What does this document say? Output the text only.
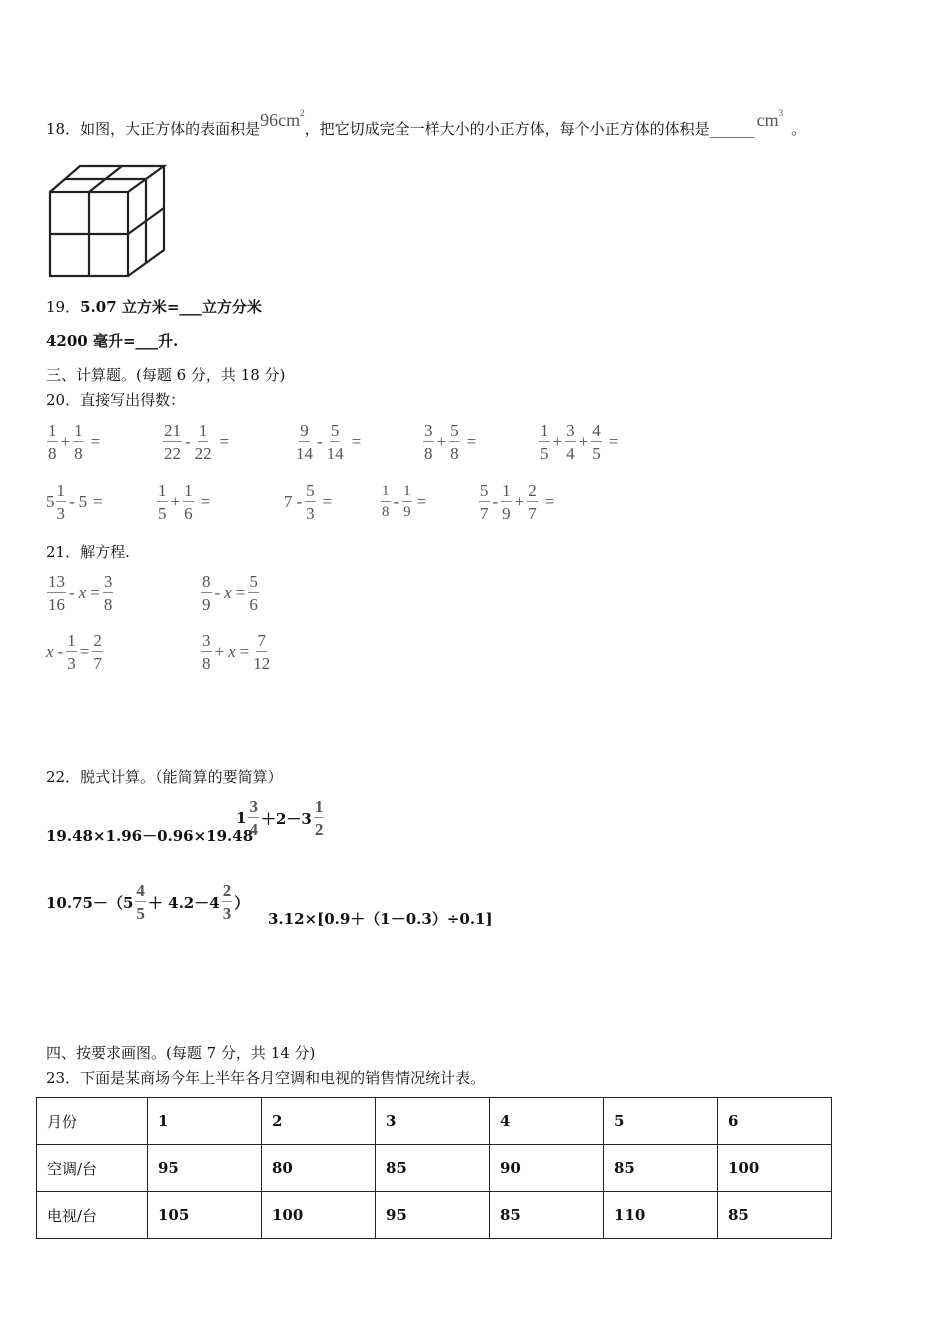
18．如图，大正方体的表面积是$96cm^2$，把它切成完全一样大小的小正方体，每个小正方体的体积是______ $cm^3$。
19．5.07 立方米=___立方分米
4200 毫升=___升.
三、计算题。(每题 6 分，共 18 分)
20．直接写出得数：
$\frac{1}{8} + \frac{1}{8}$ =	$\frac{21}{22} - \frac{1}{22}$ =	$\frac{9}{14} - \frac{5}{14}$ =	$\frac{3}{8} + \frac{5}{8}$ =	$\frac{1}{5} + \frac{3}{4} + \frac{4}{5}$ =
$5 \frac{1}{3} - 5$ =	$\frac{1}{5} + \frac{1}{6}$ =	$7 - \frac{5}{3}$ =	$\frac{1}{8} - \frac{1}{9}$ =	$\frac{5}{7} - \frac{1}{9} + \frac{2}{7}$ =
21．解方程.
$\frac{13}{16} - x = \frac{3}{8}$	$\frac{8}{9} - x = \frac{5}{6}$
$x - \frac{1}{3} = \frac{2}{7}$	$\frac{3}{8} + x = \frac{7}{12}$
22．脱式计算。（能简算的要简算）
19.48×1.96－0.96×19.48
$1 \frac{3}{4} +2-3 \frac{1}{2}$
$10.75-(5 \frac{4}{5} + 4.2-4 \frac{2}{3}$ ）
3.12×[0.9＋（1－0.3）÷0.1]
四、按要求画图。(每题 7 分，共 14 分)
23．下面是某商场今年上半年各月空调和电视的销售情况统计表。
月份	1	2	3	4	5	6
空调/台	95	80	85	90	85	100
电视/台	105	100	95	85	110	85
